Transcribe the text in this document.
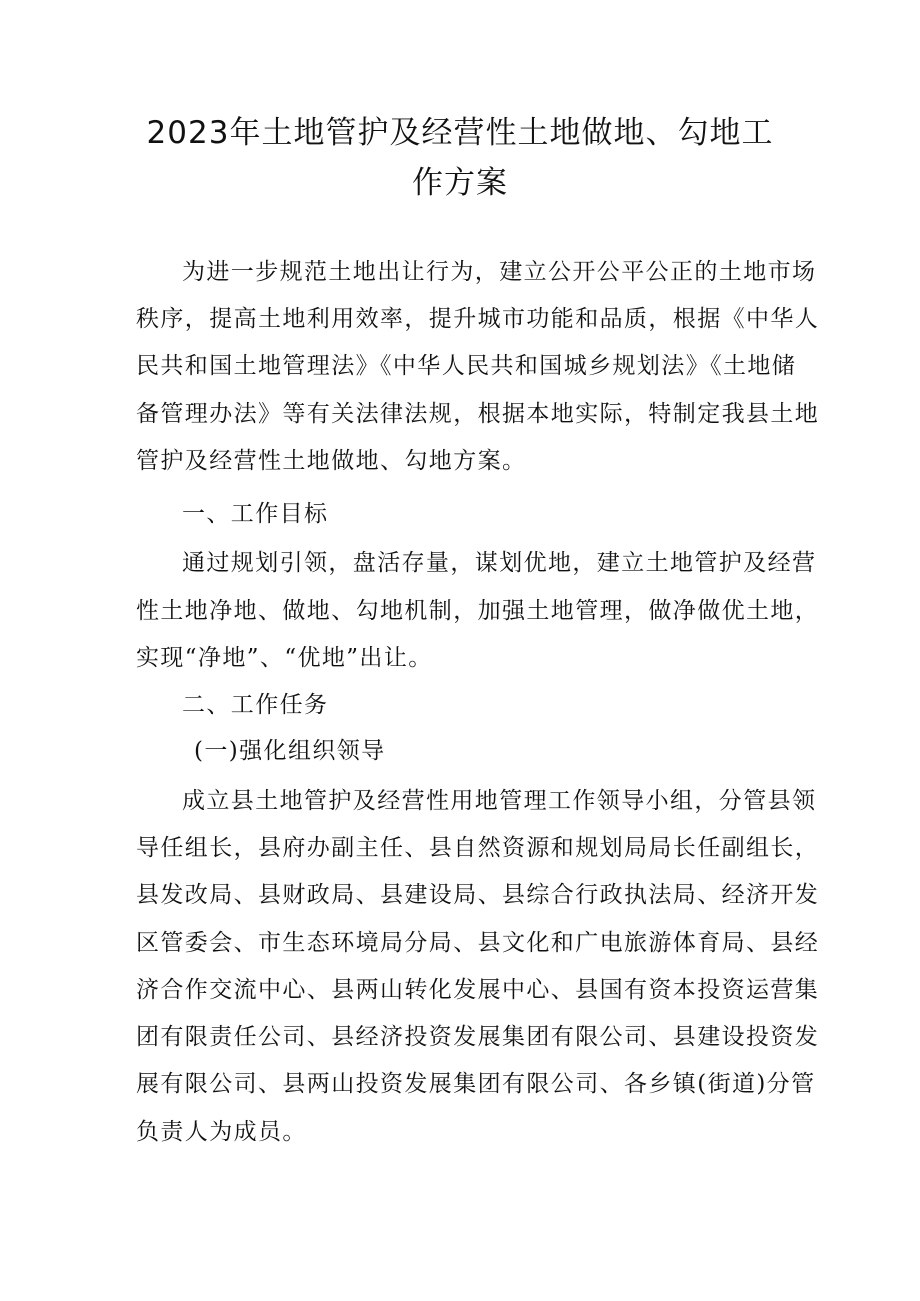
2023年土地管护及经营性土地做地、勾地工
作方案
为进一步规范土地出让行为，建立公开公平公正的土地市场
秩序，提高土地利用效率，提升城市功能和品质，根据《中华人
民共和国土地管理法》《中华人民共和国城乡规划法》《土地储
备管理办法》等有关法律法规，根据本地实际，特制定我县土地
管护及经营性土地做地、勾地方案。
一、工作目标
通过规划引领，盘活存量，谋划优地，建立土地管护及经营
性土地净地、做地、勾地机制，加强土地管理，做净做优土地，
实现“净地”、“优地”出让。
二、工作任务
(一)强化组织领导
成立县土地管护及经营性用地管理工作领导小组，分管县领
导任组长，县府办副主任、县自然资源和规划局局长任副组长，
县发改局、县财政局、县建设局、县综合行政执法局、经济开发
区管委会、市生态环境局分局、县文化和广电旅游体育局、县经
济合作交流中心、县两山转化发展中心、县国有资本投资运营集
团有限责任公司、县经济投资发展集团有限公司、县建设投资发
展有限公司、县两山投资发展集团有限公司、各乡镇(街道)分管
负责人为成员。
